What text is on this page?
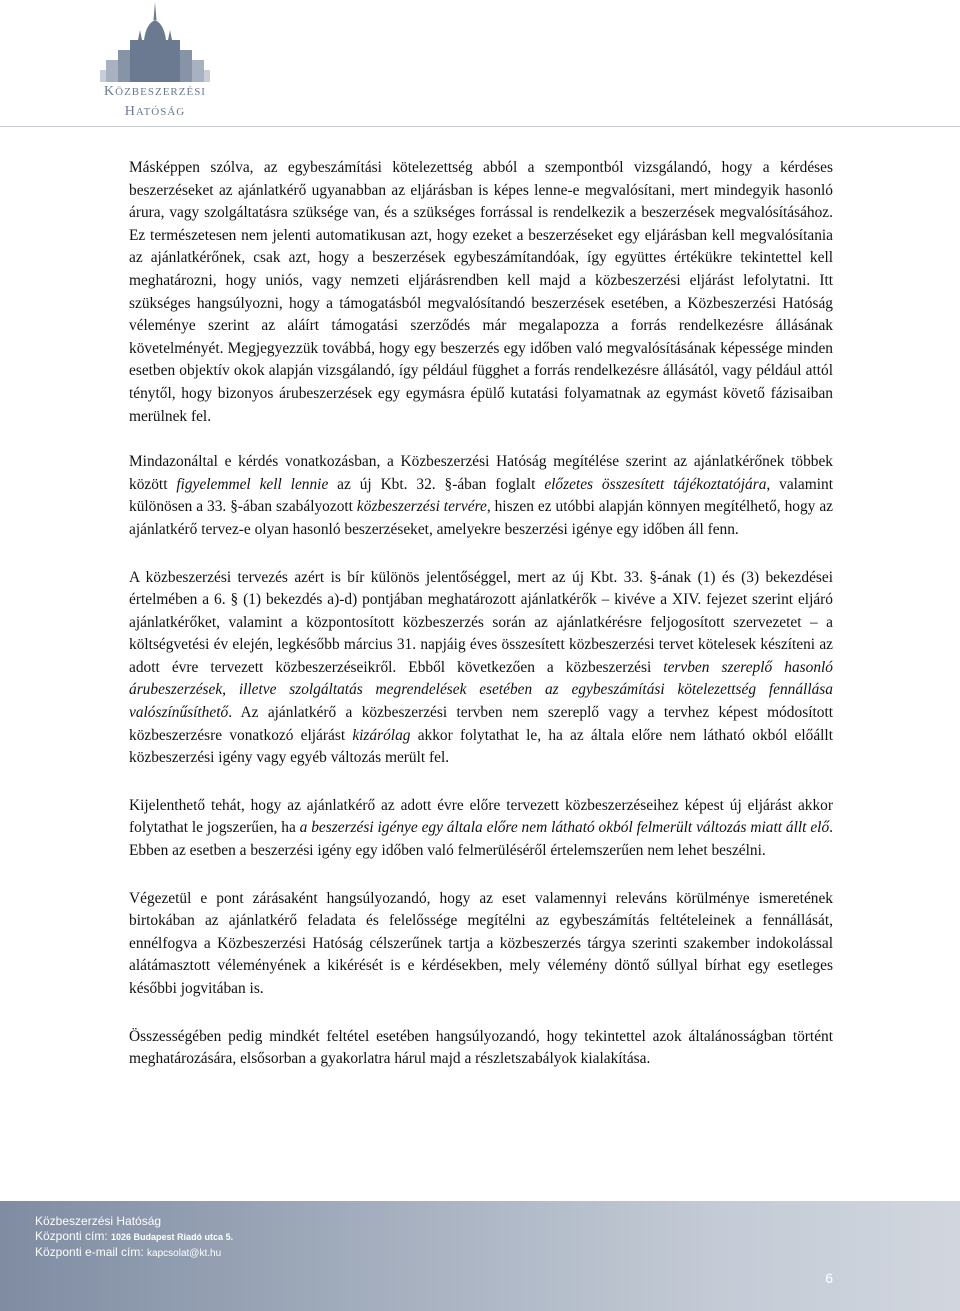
KÖZBESZERZÉSI
HATÓSÁG

Másképpen szólva, az egybeszámítási kötelezettség abból a szempontból vizsgálandó, hogy a kérdéses beszerzéseket az ajánlatkérő ugyanabban az eljárásban is képes lenne-e megvalósítani, mert mindegyik hasonló árura, vagy szolgáltatásra szüksége van, és a szükséges forrással is rendelkezik a beszerzések megvalósításához. Ez természetesen nem jelenti automatikusan azt, hogy ezeket a beszerzéseket egy eljárásban kell megvalósítania az ajánlatkérőnek, csak azt, hogy a beszerzések egybeszámítandóak, így együttes értékükre tekintettel kell meghatározni, hogy uniós, vagy nemzeti eljárásrendben kell majd a közbeszerzési eljárást lefolytatni. Itt szükséges hangsúlyozni, hogy a támogatásból megvalósítandó beszerzések esetében, a Közbeszerzési Hatóság véleménye szerint az aláírt támogatási szerződés már megalapozza a forrás rendelkezésre állásának követelményét. Megjegyezzük továbbá, hogy egy beszerzés egy időben való megvalósításának képessége minden esetben objektív okok alapján vizsgálandó, így például függhet a forrás rendelkezésre állásától, vagy például attól ténytől, hogy bizonyos árubeszerzések egy egymásra épülő kutatási folyamatnak az egymást követő fázisaiban merülnek fel.

Mindazonáltal e kérdés vonatkozásban, a Közbeszerzési Hatóság megítélése szerint az ajánlatkérőnek többek között figyelemmel kell lennie az új Kbt. 32. §-ában foglalt előzetes összesített tájékoztatójára, valamint különösen a 33. §-ában szabályozott közbeszerzési tervére, hiszen ez utóbbi alapján könnyen megítélhető, hogy az ajánlatkérő tervez-e olyan hasonló beszerzéseket, amelyekre beszerzési igénye egy időben áll fenn.

A közbeszerzési tervezés azért is bír különös jelentőséggel, mert az új Kbt. 33. §-ának (1) és (3) bekezdései értelmében a 6. § (1) bekezdés a)-d) pontjában meghatározott ajánlatkérők – kivéve a XIV. fejezet szerint eljáró ajánlatkérőket, valamint a központosított közbeszerzés során az ajánlatkérésre feljogosított szervezetet – a költségvetési év elején, legkésőbb március 31. napjáig éves összesített közbeszerzési tervet kötelesek készíteni az adott évre tervezett közbeszerzéseikről. Ebből következően a közbeszerzési tervben szereplő hasonló árubeszerzések, illetve szolgáltatás megrendelések esetében az egybeszámítási kötelezettség fennállása valószínűsíthető. Az ajánlatkérő a közbeszerzési tervben nem szereplő vagy a tervhez képest módosított közbeszerzésre vonatkozó eljárást kizárólag akkor folytathat le, ha az általa előre nem látható okból előállt közbeszerzési igény vagy egyéb változás merült fel.

Kijelenthető tehát, hogy az ajánlatkérő az adott évre előre tervezett közbeszerzéseihez képest új eljárást akkor folytathat le jogszerűen, ha a beszerzési igénye egy általa előre nem látható okból felmerült változás miatt állt elő. Ebben az esetben a beszerzési igény egy időben való felmerüléséről értelemszerűen nem lehet beszélni.

Végezetül e pont zárásaként hangsúlyozandó, hogy az eset valamennyi releváns körülménye ismeretének birtokában az ajánlatkérő feladata és felelőssége megítélni az egybeszámítás feltételeinek a fennállását, ennélfogva a Közbeszerzési Hatóság célszerűnek tartja a közbeszerzés tárgya szerinti szakember indokolással alátámasztott véleményének a kikérését is e kérdésekben, mely vélemény döntő súllyal bírhat egy esetleges későbbi jogvitában is.

Összességében pedig mindkét feltétel esetében hangsúlyozandó, hogy tekintettel azok általánosságban történt meghatározására, elsősorban a gyakorlatra hárul majd a részletszabályok kialakítása.

Közbeszerzési Hatóság
Központi cím: 1026 Budapest Riadó utca 5.
Központi e-mail cím: kapcsolat@kt.hu
6
